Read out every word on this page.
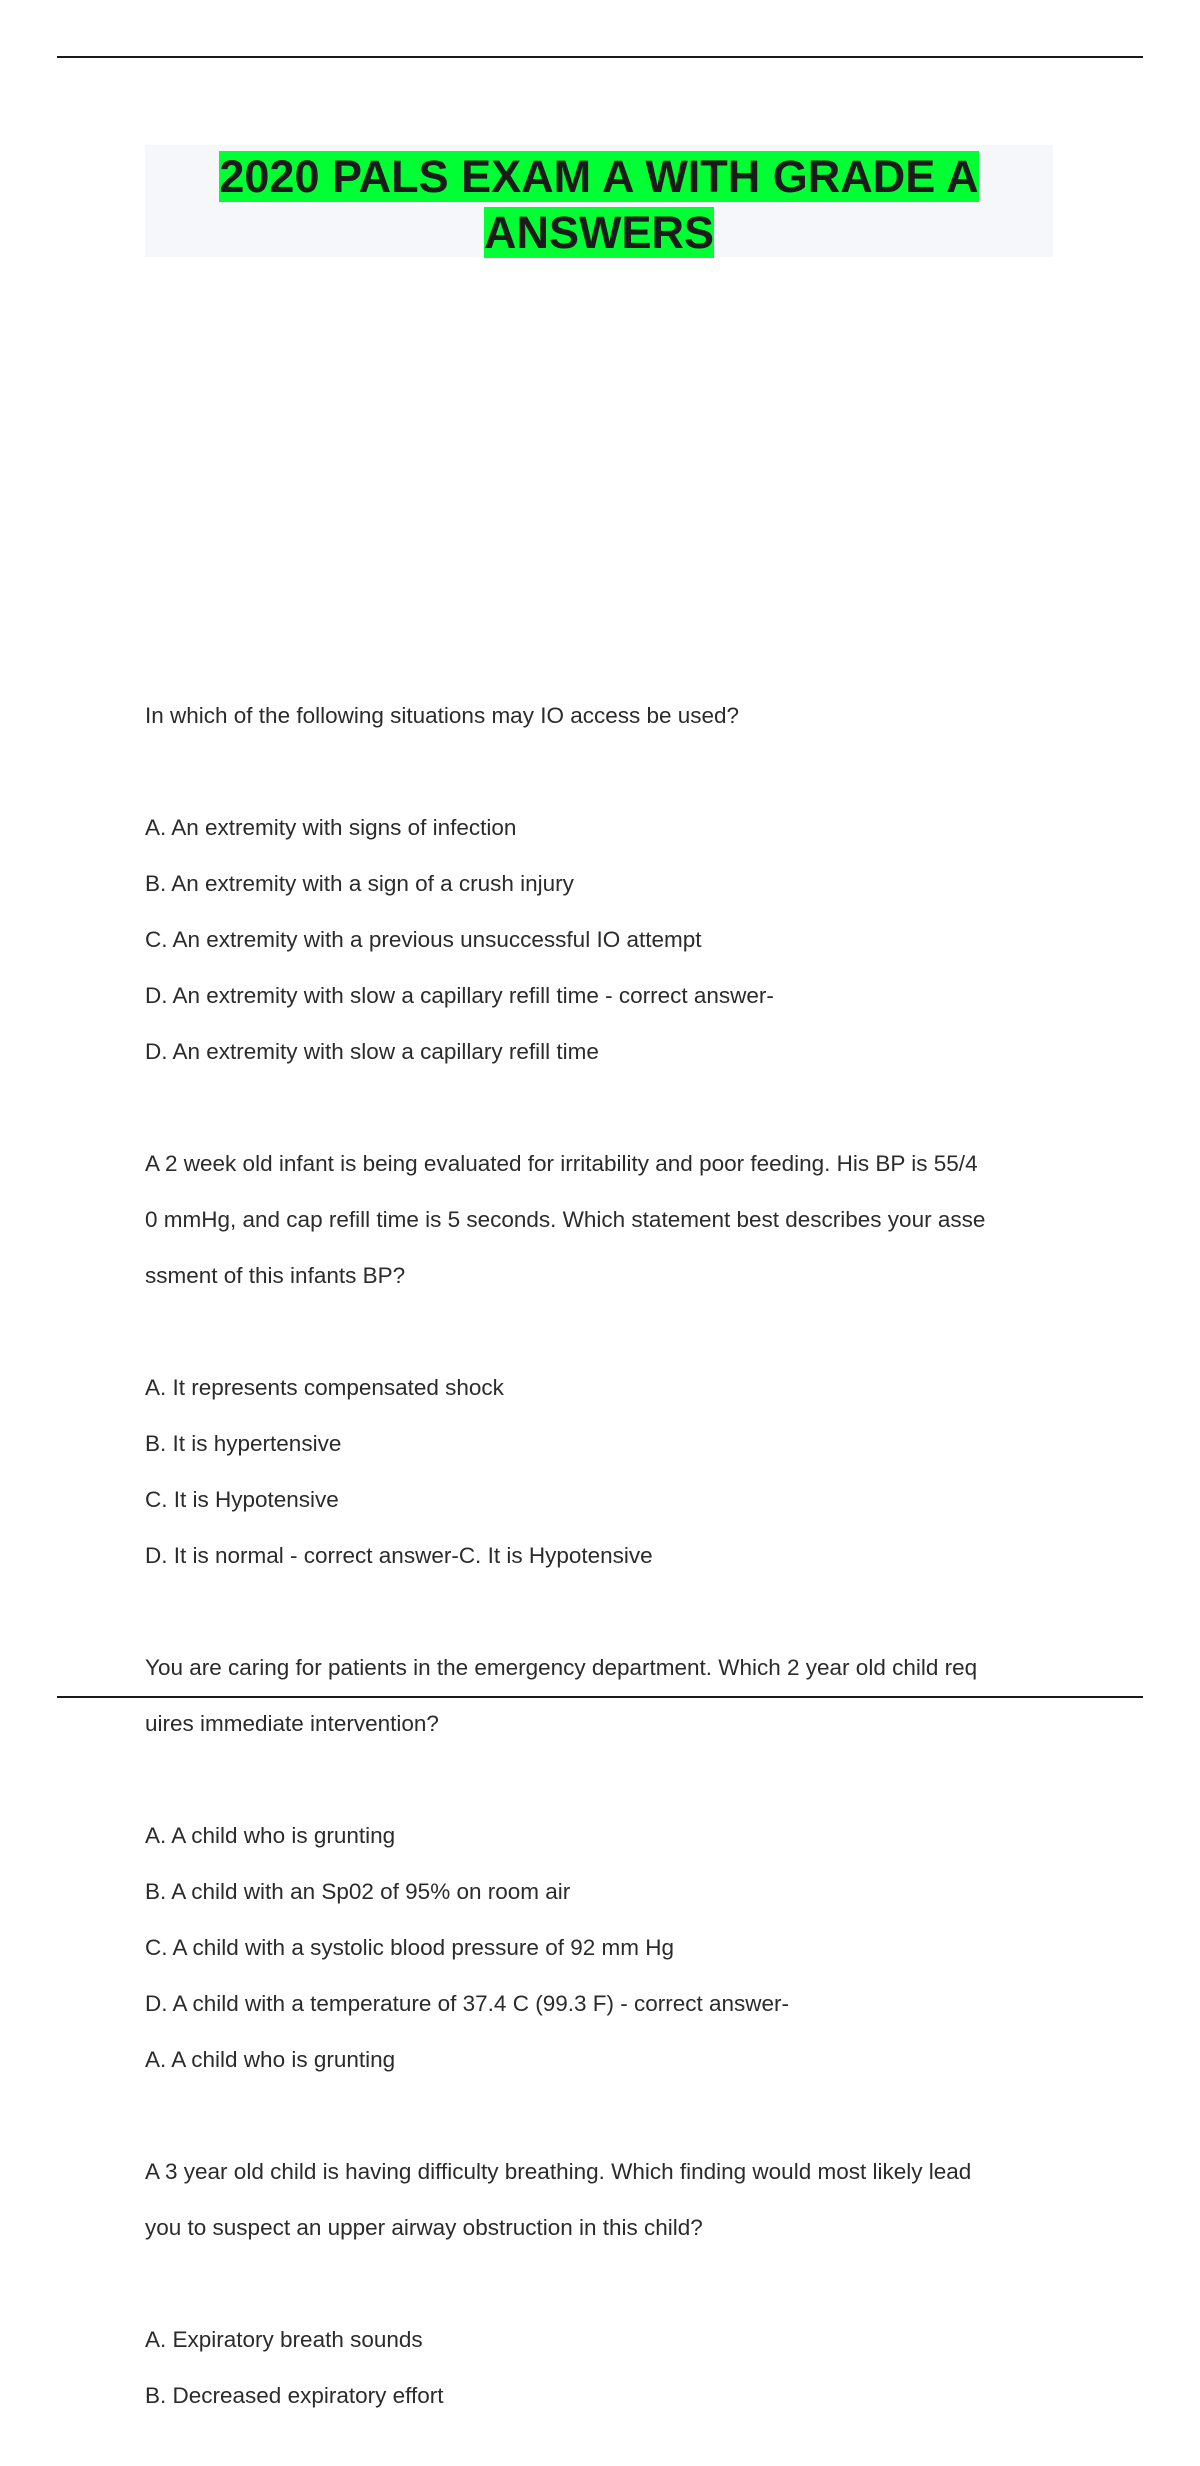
2020 PALS EXAM A WITH GRADE A
ANSWERS

In which of the following situations may IO access be used?

A. An extremity with signs of infection

B. An extremity with a sign of a crush injury

C. An extremity with a previous unsuccessful IO attempt

D. An extremity with slow a capillary refill time - correct answer-

D. An extremity with slow a capillary refill time

A 2 week old infant is being evaluated for irritability and poor feeding. His BP is 55/4

0 mmHg, and cap refill time is 5 seconds. Which statement best describes your asse

ssment of this infants BP?

A. It represents compensated shock

B. It is hypertensive

C. It is Hypotensive

D. It is normal - correct answer-C. It is Hypotensive

You are caring for patients in the emergency department. Which 2 year old child req

uires immediate intervention?

A. A child who is grunting

B. A child with an Sp02 of 95% on room air

C. A child with a systolic blood pressure of 92 mm Hg

D. A child with a temperature of 37.4 C (99.3 F) - correct answer-

A. A child who is grunting

A 3 year old child is having difficulty breathing. Which finding would most likely lead

you to suspect an upper airway obstruction in this child?

A. Expiratory breath sounds

B. Decreased expiratory effort
